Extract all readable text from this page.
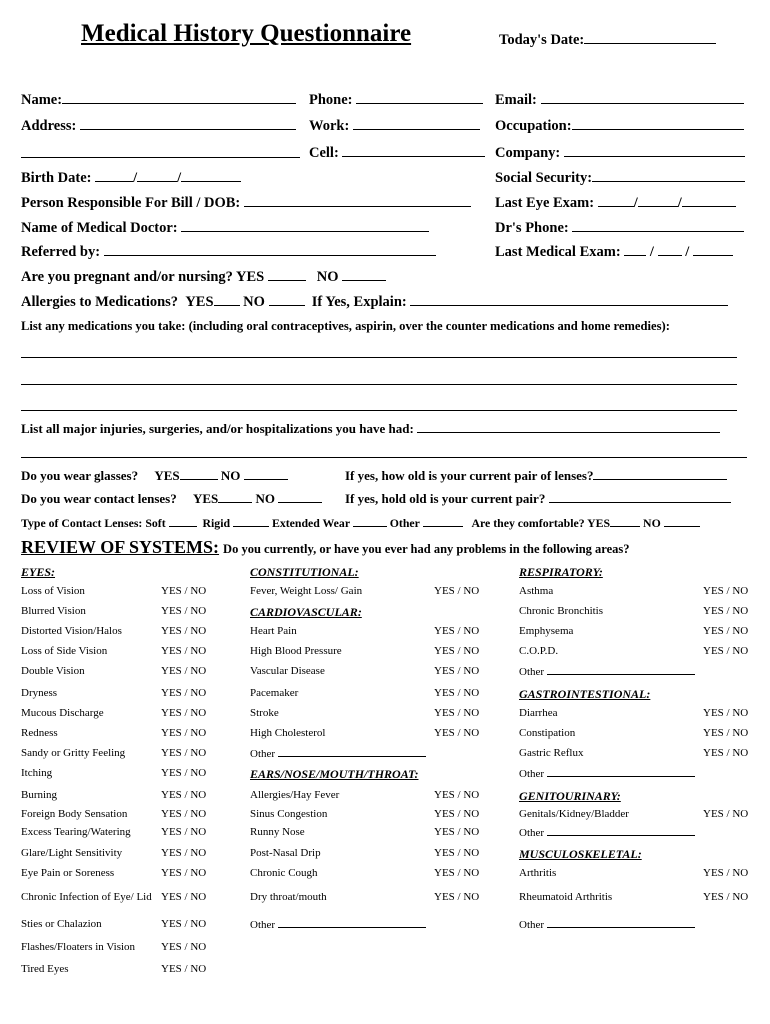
Medical History Questionnaire	Today's Date:
Name:	Phone:	Email:
Address:	Work:	Occupation:
Cell:	Company:
Birth Date:	/	/	Social Security:
Person Responsible For Bill / DOB:	Last Eye Exam:	/	/
Name of Medical Doctor:	Dr's Phone:
Referred by:	Last Medical Exam:  /  /
Are you pregnant and/or nursing? YES	NO
Allergies to Medications? YES NO	If Yes, Explain:
List any medications you take: (including oral contraceptives, aspirin, over the counter medications and home remedies):
List all major injuries, surgeries, and/or hospitalizations you have had:
Do you wear glasses? YES	NO	If yes, how old is your current pair of lenses?
Do you wear contact lenses? YES	NO	If yes, hold old is your current pair?
Type of Contact Lenses: Soft	Rigid	Extended Wear	Other	Are they comfortable? YES	NO
REVIEW OF SYSTEMS: Do you currently, or have you ever had any problems in the following areas?
EYES:
Loss of Vision	YES / NO
Blurred Vision	YES / NO
Distorted Vision/Halos	YES / NO
Loss of Side Vision	YES / NO
Double Vision	YES / NO
Dryness	YES / NO
Mucous Discharge	YES / NO
Redness	YES / NO
Sandy or Gritty Feeling	YES / NO
Itching	YES / NO
Burning	YES / NO
Foreign Body Sensation	YES / NO
Excess Tearing/Watering	YES / NO
Glare/Light Sensitivity	YES / NO
Eye Pain or Soreness	YES / NO
Chronic Infection of Eye/ Lid YES / NO
Sties or Chalazion	YES / NO
Flashes/Floaters in Vision YES / NO
Tired Eyes	YES / NO
CONSTITUTIONAL:
Fever, Weight Loss/ Gain	YES / NO
CARDIOVASCULAR:
Heart Pain	YES / NO
High Blood Pressure	YES / NO
Vascular Disease	YES / NO
Pacemaker	YES / NO
Stroke	YES / NO
High Cholesterol	YES / NO
Other
EARS/NOSE/MOUTH/THROAT:
Allergies/Hay Fever	YES / NO
Sinus Congestion	YES / NO
Runny Nose	YES / NO
Post-Nasal Drip	YES / NO
Chronic Cough	YES / NO
Dry throat/mouth	YES / NO
Other
RESPIRATORY:
Asthma	YES / NO
Chronic Bronchitis	YES / NO
Emphysema	YES / NO
C.O.P.D.	YES / NO
Other
GASTROINTESTIONAL:
Diarrhea	YES / NO
Constipation	YES / NO
Gastric Reflux	YES / NO
Other
GENITOURINARY:
Genitals/Kidney/Bladder	YES / NO
Other
MUSCULOSKELETAL:
Arthritis	YES / NO
Rheumatoid Arthritis	YES / NO
Other
